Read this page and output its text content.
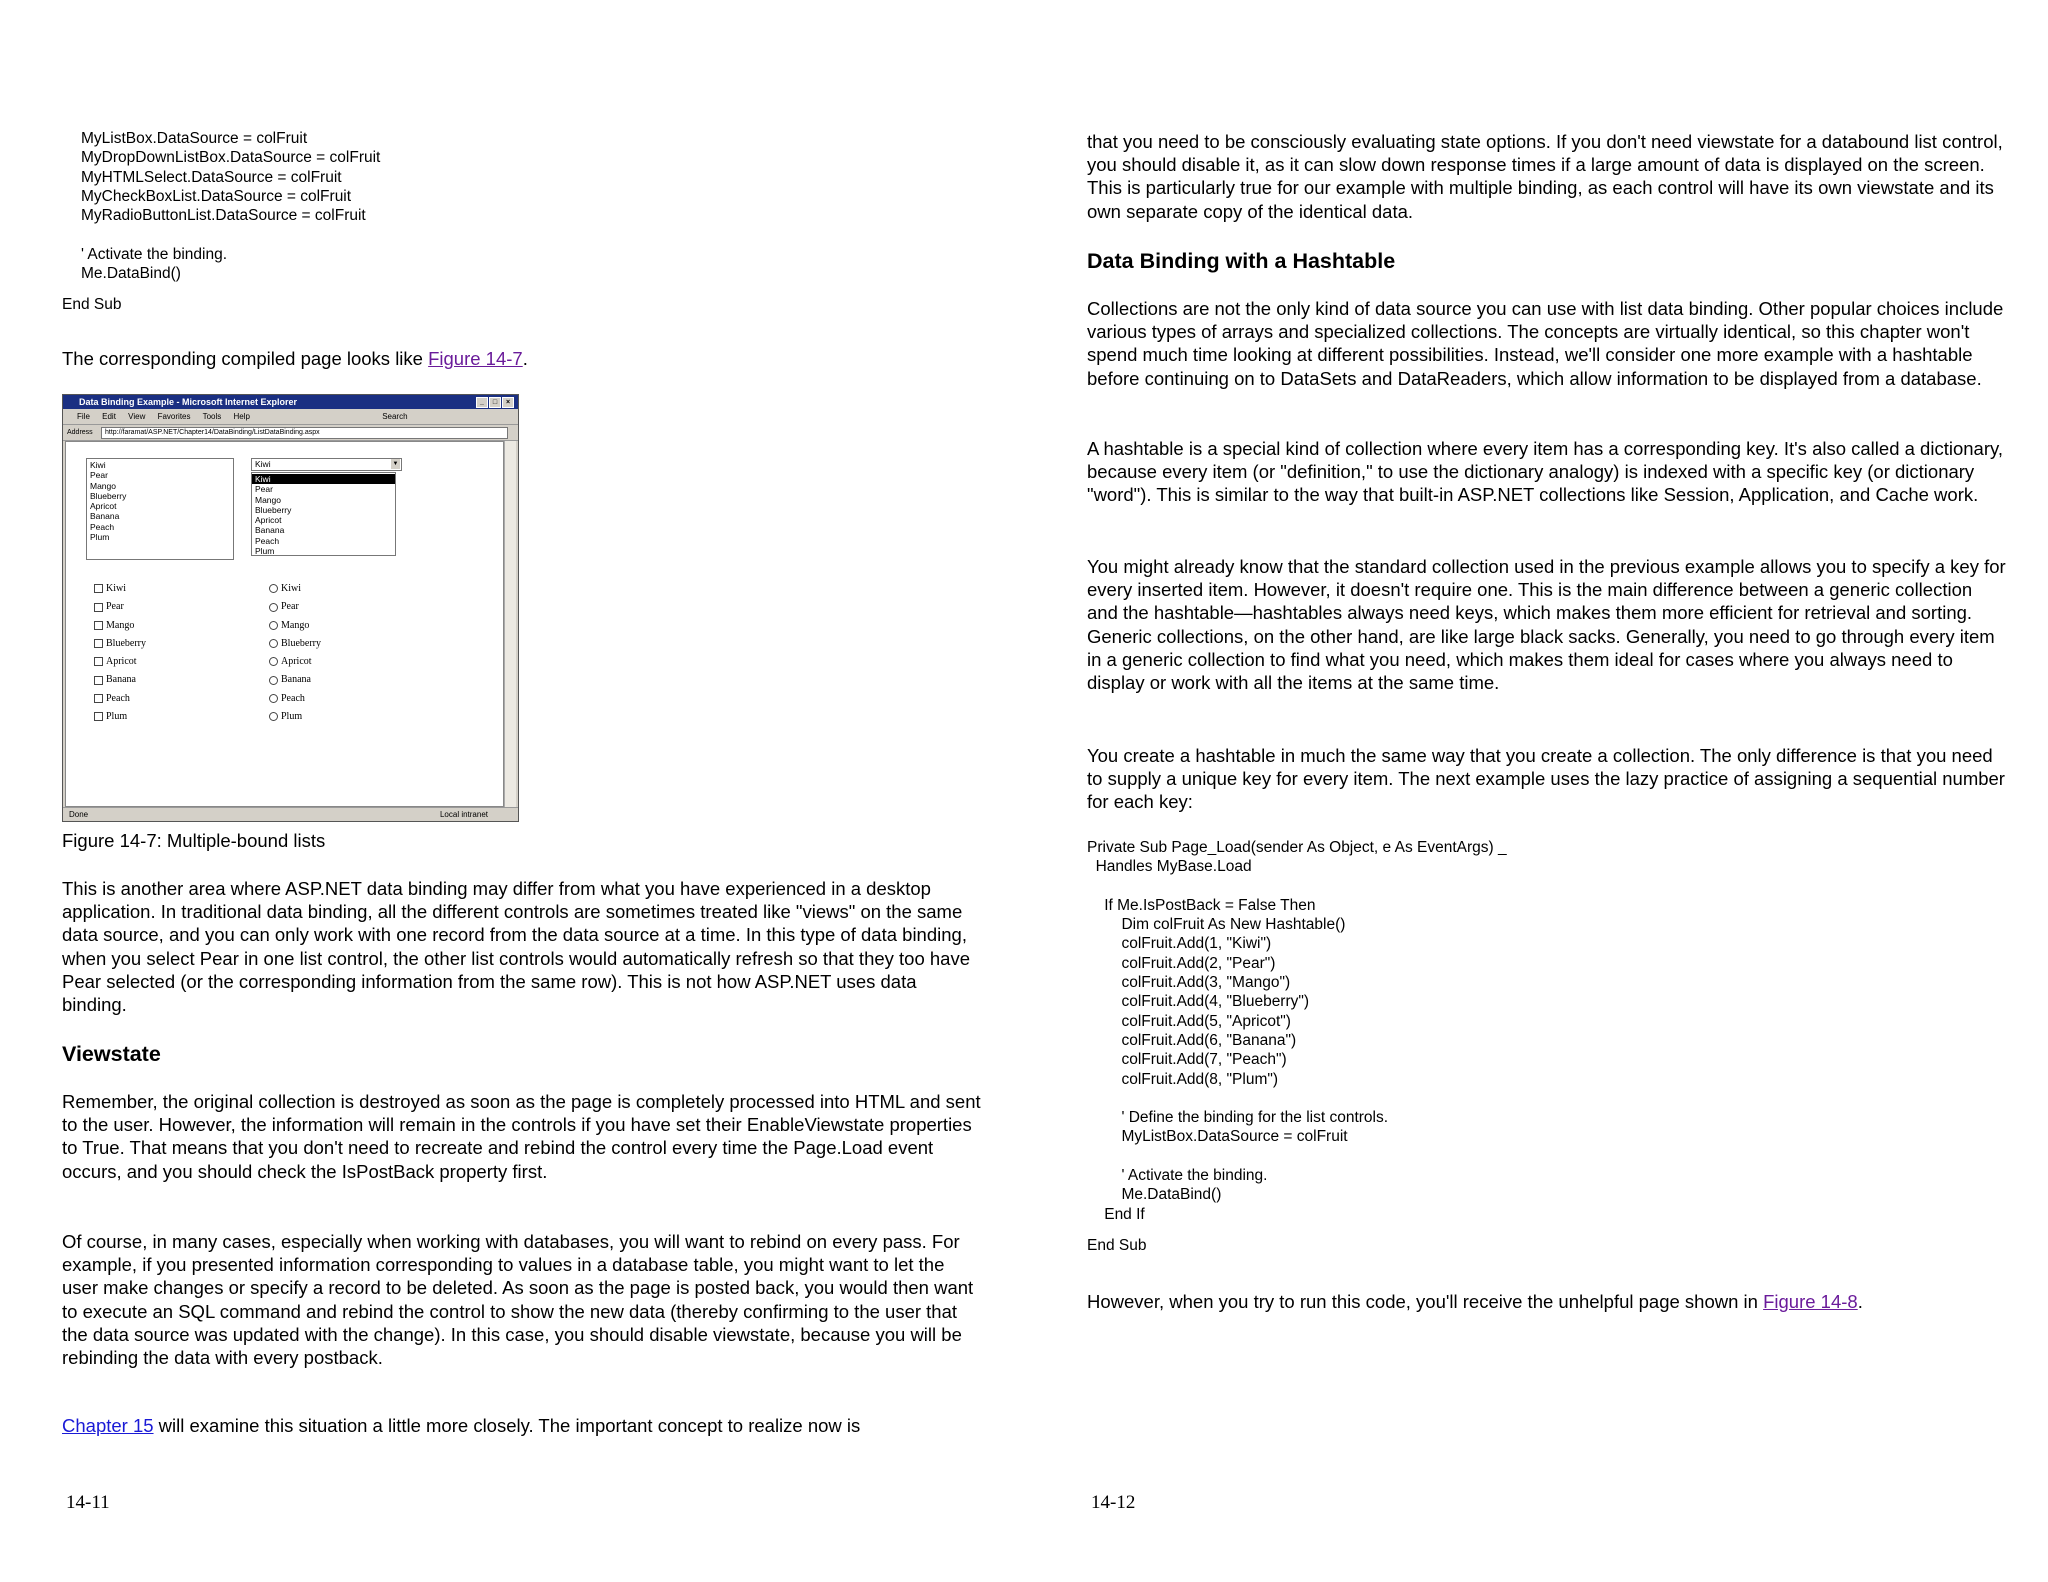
MyListBox.DataSource = colFruit
MyDropDownListBox.DataSource = colFruit
MyHTMLSelect.DataSource = colFruit
MyCheckBoxList.DataSource = colFruit
MyRadioButtonList.DataSource = colFruit
' Activate the binding.
Me.DataBind()
End Sub

The corresponding compiled page looks like Figure 14-7.

Data Binding Example - Microsoft Internet Explorer	_	□	×
File Edit View Favorites Tools Help	Search
Address	http://faramat/ASP.NET/Chapter14/DataBinding/ListDataBinding.aspx
Kiwi
Pear
Mango
Blueberry
Apricot
Banana
Peach
Plum
Kiwi	▼
Kiwi
Pear
Mango
Blueberry
Apricot
Banana
Peach
Plum
Kiwi
Pear
Mango
Blueberry
Apricot
Banana
Peach
Plum
Kiwi
Pear
Mango
Blueberry
Apricot
Banana
Peach
Plum
Done	Local intranet

Figure 14-7: Multiple-bound lists

This is another area where ASP.NET data binding may differ from what you have experienced in a desktop application. In traditional data binding, all the different controls are sometimes treated like "views" on the same data source, and you can only work with one record from the data source at a time. In this type of data binding, when you select Pear in one list control, the other list controls would automatically refresh so that they too have Pear selected (or the corresponding information from the same row). This is not how ASP.NET uses data binding.

Viewstate

Remember, the original collection is destroyed as soon as the page is completely processed into HTML and sent to the user. However, the information will remain in the controls if you have set their EnableViewstate properties to True. That means that you don't need to recreate and rebind the control every time the Page.Load event occurs, and you should check the IsPostBack property first.

Of course, in many cases, especially when working with databases, you will want to rebind on every pass. For example, if you presented information corresponding to values in a database table, you might want to let the user make changes or specify a record to be deleted. As soon as the page is posted back, you would then want to execute an SQL command and rebind the control to show the new data (thereby confirming to the user that the data source was updated with the change). In this case, you should disable viewstate, because you will be rebinding the data with every postback.

Chapter 15 will examine this situation a little more closely. The important concept to realize now is

14-11

that you need to be consciously evaluating state options. If you don't need viewstate for a databound list control, you should disable it, as it can slow down response times if a large amount of data is displayed on the screen. This is particularly true for our example with multiple binding, as each control will have its own viewstate and its own separate copy of the identical data.

Data Binding with a Hashtable

Collections are not the only kind of data source you can use with list data binding. Other popular choices include various types of arrays and specialized collections. The concepts are virtually identical, so this chapter won't spend much time looking at different possibilities. Instead, we'll consider one more example with a hashtable before continuing on to DataSets and DataReaders, which allow information to be displayed from a database.

A hashtable is a special kind of collection where every item has a corresponding key. It's also called a dictionary, because every item (or "definition," to use the dictionary analogy) is indexed with a specific key (or dictionary "word"). This is similar to the way that built-in ASP.NET collections like Session, Application, and Cache work.

You might already know that the standard collection used in the previous example allows you to specify a key for every inserted item. However, it doesn't require one. This is the main difference between a generic collection and the hashtable—hashtables always need keys, which makes them more efficient for retrieval and sorting. Generic collections, on the other hand, are like large black sacks. Generally, you need to go through every item in a generic collection to find what you need, which makes them ideal for cases where you always need to display or work with all the items at the same time.

You create a hashtable in much the same way that you create a collection. The only difference is that you need to supply a unique key for every item. The next example uses the lazy practice of assigning a sequential number for each key:

Private Sub Page_Load(sender As Object, e As EventArgs) _
Handles MyBase.Load
If Me.IsPostBack = False Then
Dim colFruit As New Hashtable()
colFruit.Add(1, "Kiwi")
colFruit.Add(2, "Pear")
colFruit.Add(3, "Mango")
colFruit.Add(4, "Blueberry")
colFruit.Add(5, "Apricot")
colFruit.Add(6, "Banana")
colFruit.Add(7, "Peach")
colFruit.Add(8, "Plum")
' Define the binding for the list controls.
MyListBox.DataSource = colFruit
' Activate the binding.
Me.DataBind()
End If
End Sub

However, when you try to run this code, you'll receive the unhelpful page shown in Figure 14-8.

14-12
